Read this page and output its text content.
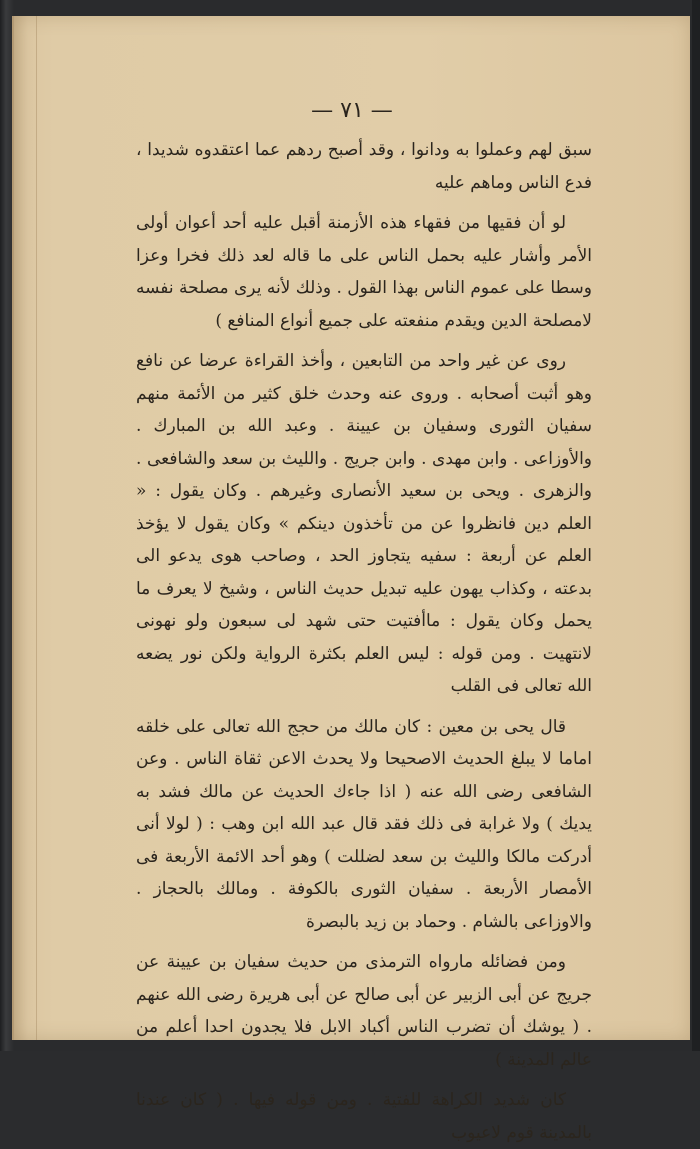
— ٧١ —

سبق لهم وعملوا به ودانوا ، وقد أصبح ردهم عما اعتقدوه شديدا ، فدع الناس وماهم عليه

لو أن فقيها من فقهاء هذه الأزمنة أقبل عليه أحد أعوان أولى الأمر وأشار عليه بحمل الناس على ما قاله لعد ذلك فخرا وعزا وسطا على عموم الناس بهذا القول . وذلك لأنه يرى مصلحة نفسه لامصلحة الدين ويقدم منفعته على جميع أنواع المنافع )

روى عن غير واحد من التابعين ، وأخذ القراءة عرضا عن نافع وهو أثبت أصحابه . وروى عنه وحدث خلق كثير من الأئمة منهم سفيان الثورى وسفيان بن عيينة . وعبد الله بن المبارك . والأوزاعى . وابن مهدى . وابن جريج . والليث بن سعد والشافعى . والزهرى . ويحى بن سعيد الأنصارى وغيرهم . وكان يقول : « العلم دين فانظروا عن من تأخذون دينكم » وكان يقول لا يؤخذ العلم عن أربعة : سفيه يتجاوز الحد ، وصاحب هوى يدعو الى بدعته ، وكذاب يهون عليه تبديل حديث الناس ، وشيخ لا يعرف ما يحمل وكان يقول : ماأفتيت حتى شهد لى سبعون ولو نهونى لانتهيت . ومن قوله : ليس العلم بكثرة الرواية ولكن نور يضعه الله تعالى فى القلب

قال يحى بن معين : كان مالك من حجج الله تعالى على خلقه اماما لا يبلغ الحديث الاصحيحا ولا يحدث الاعن ثقاة الناس . وعن الشافعى رضى الله عنه ( اذا جاءك الحديث عن مالك فشد به يديك ) ولا غرابة فى ذلك فقد قال عبد الله ابن وهب : ( لولا أنى أدركت مالكا والليث بن سعد لضللت ) وهو أحد الائمة الأربعة فى الأمصار الأربعة . سفيان الثورى بالكوفة . ومالك بالحجاز . والاوزاعى بالشام . وحماد بن زيد بالبصرة

ومن فضائله مارواه الترمذى من حديث سفيان بن عيينة عن جريج عن أبى الزبير عن أبى صالح عن أبى هريرة رضى الله عنهم . ( يوشك أن تضرب الناس أكباد الابل فلا يجدون احدا أعلم من عالم المدينة )

كان شديد الكراهة للفتية . ومن قوله فيها . ( كان عندنا بالمدينة قوم لاعيوب
